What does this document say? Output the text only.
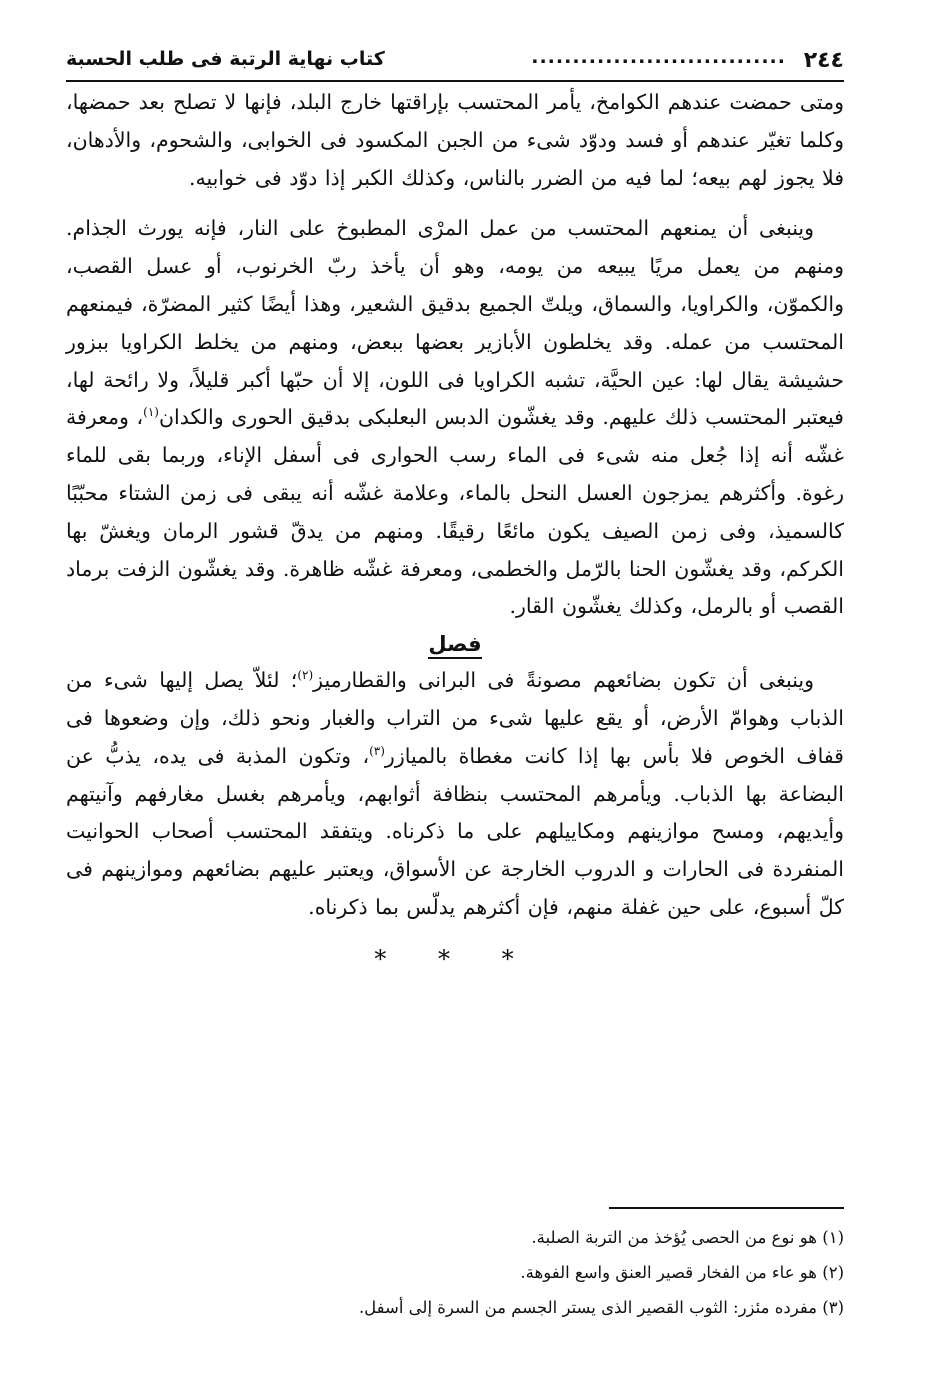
٢٤٤
...............................
كتاب نهاية الرتبة فى طلب الحسبة

ومتى حمضت عندهم الكوامخ، يأمر المحتسب بإراقتها خارج البلد، فإنها لا تصلح بعد حمضها، وكلما تغيّر عندهم أو فسد ودوّد شىء من الجبن المكسود فى الخوابى، والشحوم، والأدهان، فلا يجوز لهم بيعه؛ لما فيه من الضرر بالناس، وكذلك الكبر إذا دوّد فى خوابيه.

وينبغى أن يمنعهم المحتسب من عمل المرْى المطبوخ على النار، فإنه يورث الجذام. ومنهم من يعمل مريًا يبيعه من يومه، وهو أن يأخذ ربّ الخرنوب، أو عسل القصب، والكموّن، والكراويا، والسماق، ويلتّ الجميع بدقيق الشعير، وهذا أيضًا كثير المضرّة، فيمنعهم المحتسب من عمله. وقد يخلطون الأبازير بعضها ببعض، ومنهم من يخلط الكراويا ببزور حشيشة يقال لها: عين الحيَّة، تشبه الكراويا فى اللون، إلا أن حبّها أكبر قليلاً، ولا رائحة لها، فيعتبر المحتسب ذلك عليهم. وقد يغشّون الدبس البعلبكى بدقيق الحورى والكدان$^{(١)}$، ومعرفة غشّه أنه إذا جُعل منه شىء فى الماء رسب الحوارى فى أسفل الإناء، وربما بقى للماء رغوة. وأكثرهم يمزجون العسل النحل بالماء، وعلامة غشّه أنه يبقى فى زمن الشتاء محبّبًا كالسميذ، وفى زمن الصيف يكون مائعًا رقيقًا. ومنهم من يدقّ قشور الرمان ويغشّ بها الكركم، وقد يغشّون الحنا بالرّمل والخطمى، ومعرفة غشّه ظاهرة. وقد يغشّون الزفت برماد القصب أو بالرمل، وكذلك يغشّون القار.

فصل

وينبغى أن تكون بضائعهم مصونةً فى البرانى والقطارميز$^{(٢)}$؛ لئلاّ يصل إليها شىء من الذباب وهوامّ الأرض، أو يقع عليها شىء من التراب والغبار ونحو ذلك، وإن وضعوها فى قفاف الخوص فلا بأس بها إذا كانت مغطاة بالميازر$^{(٣)}$، وتكون المذبة فى يده، يذبُّ عن البضاعة بها الذباب. ويأمرهم المحتسب بنظافة أثوابهم، ويأمرهم بغسل مغارفهم وآنيتهم وأيديهم، ومسح موازينهم ومكاييلهم على ما ذكرناه. ويتفقد المحتسب أصحاب الحوانيت المنفردة فى الحارات و الدروب الخارجة عن الأسواق، ويعتبر عليهم بضائعهم وموازينهم فى كلّ أسبوع، على حين غفلة منهم، فإن أكثرهم يدلّس بما ذكرناه.

* * *

(١) هو نوع من الحصى يُؤخذ من التربة الصلبة.

(٢) هو عاء من الفخار قصير العنق واسع الفوهة.

(٣) مفرده مئزر: الثوب القصير الذى يستر الجسم من السرة إلى أسفل.
